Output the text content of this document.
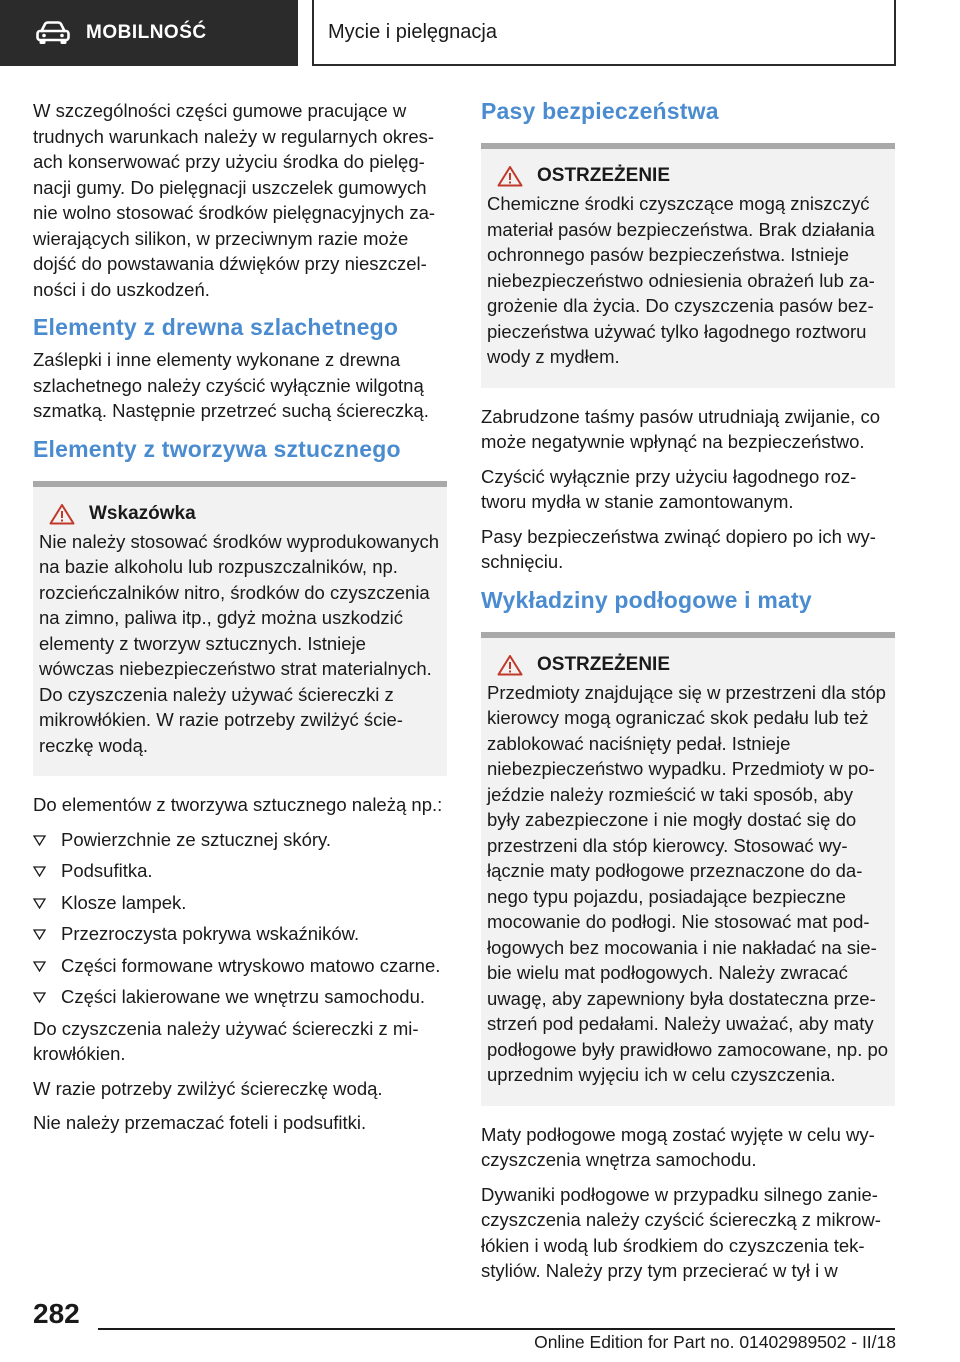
MOBILNOŚĆ	Mycie i pielęgnacja

W szczególności części gumowe pracujące w trudnych warunkach należy w regularnych okresach konserwować przy użyciu środka do pielęgnacji gumy. Do pielęgnacji uszczelek gumowych nie wolno stosować środków pielęgnacyjnych zawierających silikon, w przeciwnym razie może dojść do powstawania dźwięków przy nieszczelności i do uszkodzeń.

Elementy z drewna szlachetnego

Zaślepki i inne elementy wykonane z drewna szlachetnego należy czyścić wyłącznie wilgotną szmatką. Następnie przetrzeć suchą ściereczką.

Elementy z tworzywa sztucznego
Wskazówka

Nie należy stosować środków wyprodukowanych na bazie alkoholu lub rozpuszczalników, np. rozcieńczalników nitro, środków do czyszczenia na zimno, paliwa itp., gdyż można uszkodzić elementy z tworzyw sztucznych. Istnieje wówczas niebezpieczeństwo strat materialnych. Do czyszczenia należy używać ściereczki z mikrowłókien. W razie potrzeby zwilżyć ściereczkę wodą.

Do elementów z tworzywa sztucznego należą np.:

Powierzchnie ze sztucznej skóry.
Podsufitka.
Klosze lampek.
Przezroczysta pokrywa wskaźników.
Części formowane wtryskowo matowo czarne.
Części lakierowane we wnętrzu samochodu.

Do czyszczenia należy używać ściereczki z mikrowłókien.

W razie potrzeby zwilżyć ściereczkę wodą.

Nie należy przemaczać foteli i podsufitki.

Pasy bezpieczeństwa
OSTRZEŻENIE

Chemiczne środki czyszczące mogą zniszczyć materiał pasów bezpieczeństwa. Brak działania ochronnego pasów bezpieczeństwa. Istnieje niebezpieczeństwo odniesienia obrażeń lub zagrożenie dla życia. Do czyszczenia pasów bezpieczeństwa używać tylko łagodnego roztworu wody z mydłem.

Zabrudzone taśmy pasów utrudniają zwijanie, co może negatywnie wpłynąć na bezpieczeństwo.

Czyścić wyłącznie przy użyciu łagodnego roztworu mydła w stanie zamontowanym.

Pasy bezpieczeństwa zwinąć dopiero po ich wyschnięciu.

Wykładziny podłogowe i maty
OSTRZEŻENIE

Przedmioty znajdujące się w przestrzeni dla stóp kierowcy mogą ograniczać skok pedału lub też zablokować naciśnięty pedał. Istnieje niebezpieczeństwo wypadku. Przedmioty w pojeździe należy rozmieścić w taki sposób, aby były zabezpieczone i nie mogły dostać się do przestrzeni dla stóp kierowcy. Stosować wyłącznie maty podłogowe przeznaczone do danego typu pojazdu, posiadające bezpieczne mocowanie do podłogi. Nie stosować mat podłogowych bez mocowania i nie nakładać na siebie wielu mat podłogowych. Należy zwracać uwagę, aby zapewniony była dostateczna przestrzeń pod pedałami. Należy uważać, aby maty podłogowe były prawidłowo zamocowane, np. po uprzednim wyjęciu ich w celu czyszczenia.

Maty podłogowe mogą zostać wyjęte w celu wyczyszczenia wnętrza samochodu.

Dywaniki podłogowe w przypadku silnego zanieczyszczenia należy czyścić ściereczką z mikrowłókien i wodą lub środkiem do czyszczenia tekstyliów. Należy przy tym przecierać w tył i w

282
Online Edition for Part no. 01402989502 - II/18
